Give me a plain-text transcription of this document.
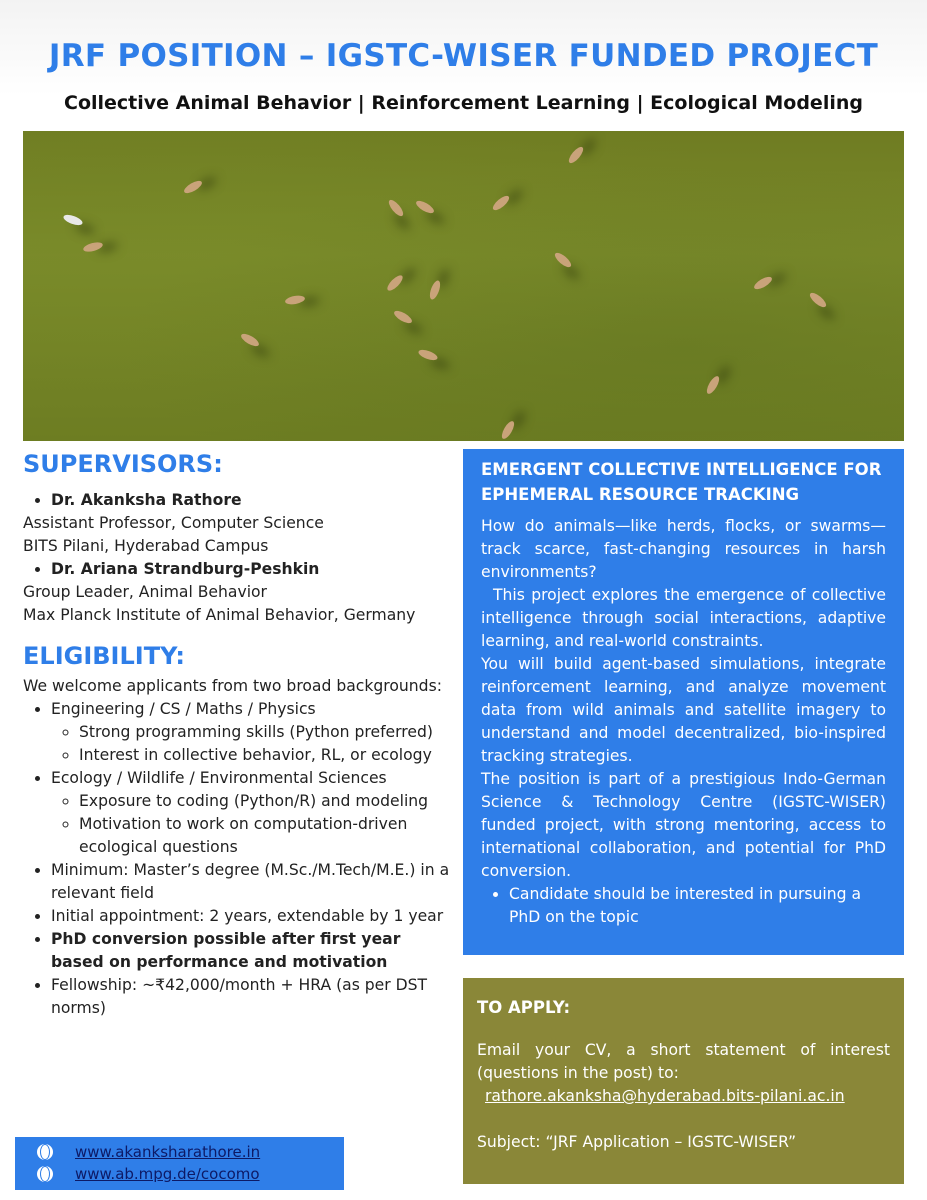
JRF POSITION – IGSTC-WISER FUNDED PROJECT
Collective Animal Behavior | Reinforcement Learning | Ecological Modeling
SUPERVISORS:
• Dr. Akanksha Rathore
Assistant Professor, Computer Science
BITS Pilani, Hyderabad Campus
• Dr. Ariana Strandburg-Peshkin
Group Leader, Animal Behavior
Max Planck Institute of Animal Behavior, Germany
ELIGIBILITY:
We welcome applicants from two broad backgrounds:
• Engineering / CS / Maths / Physics
◦ Strong programming skills (Python preferred)
◦ Interest in collective behavior, RL, or ecology
• Ecology / Wildlife / Environmental Sciences
◦ Exposure to coding (Python/R) and modeling
◦ Motivation to work on computation-driven ecological questions
• Minimum: Master’s degree (M.Sc./M.Tech/M.E.) in a relevant field
• Initial appointment: 2 years, extendable by 1 year
• PhD conversion possible after first year based on performance and motivation
• Fellowship: ~₹42,000/month + HRA (as per DST norms)
EMERGENT COLLECTIVE INTELLIGENCE FOR EPHEMERAL RESOURCE TRACKING
How do animals—like herds, flocks, or swarms—track scarce, fast-changing resources in harsh environments?
This project explores the emergence of collective intelligence through social interactions, adaptive learning, and real-world constraints.
You will build agent-based simulations, integrate reinforcement learning, and analyze movement data from wild animals and satellite imagery to understand and model decentralized, bio-inspired tracking strategies.
The position is part of a prestigious Indo-German Science & Technology Centre (IGSTC-WISER) funded project, with strong mentoring, access to international collaboration, and potential for PhD conversion.
• Candidate should be interested in pursuing a PhD on the topic
TO APPLY:
Email your CV, a short statement of interest (questions in the post) to:
rathore.akanksha@hyderabad.bits-pilani.ac.in
Subject: “JRF Application – IGSTC-WISER”
www.akanksharathore.in
www.ab.mpg.de/cocomo
